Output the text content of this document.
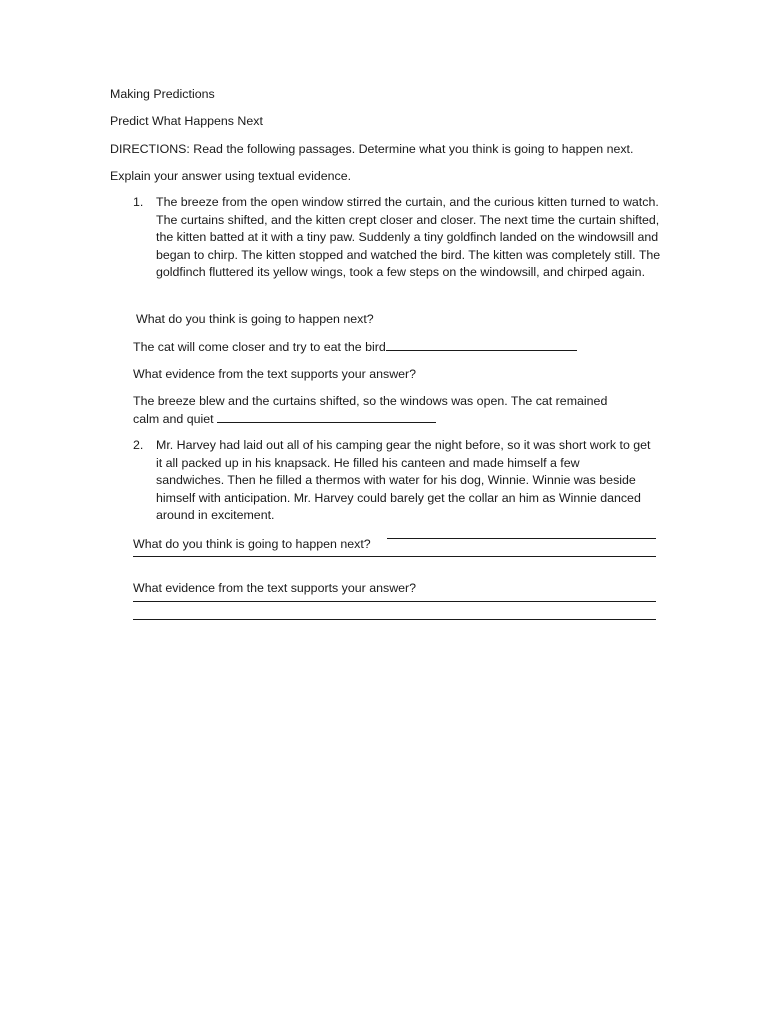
Making Predictions
Predict What Happens Next
DIRECTIONS: Read the following passages. Determine what you think is going to happen next.
Explain your answer using textual evidence.
1. The breeze from the open window stirred the curtain, and the curious kitten turned to watch. The curtains shifted, and the kitten crept closer and closer. The next time the curtain shifted, the kitten batted at it with a tiny paw. Suddenly a tiny goldfinch landed on the windowsill and began to chirp. The kitten stopped and watched the bird. The kitten was completely still. The goldfinch fluttered its yellow wings, took a few steps on the windowsill, and chirped again.
What do you think is going to happen next?
The cat will come closer and try to eat the bird
What evidence from the text supports your answer?
The breeze blew and the curtains shifted, so the windows was open. The cat remained
calm and quiet
2. Mr. Harvey had laid out all of his camping gear the night before, so it was short work to get it all packed up in his knapsack. He filled his canteen and made himself a few sandwiches. Then he filled a thermos with water for his dog, Winnie. Winnie was beside himself with anticipation. Mr. Harvey could barely get the collar an him as Winnie danced around in excitement.
What do you think is going to happen next?
What evidence from the text supports your answer?
